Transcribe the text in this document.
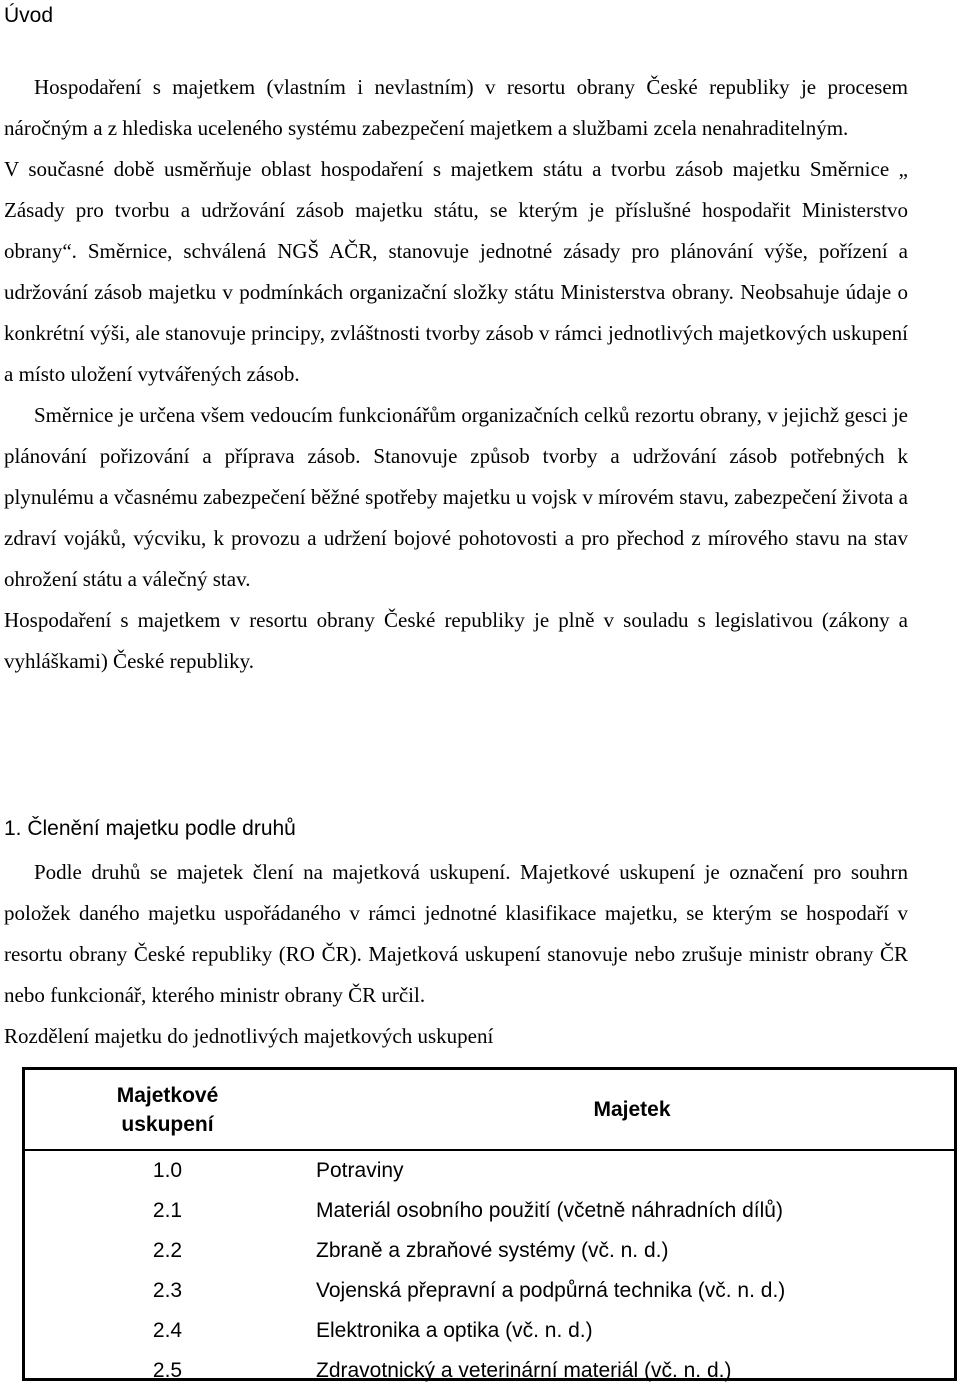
Úvod

Hospodaření s majetkem (vlastním i nevlastním) v resortu obrany České republiky je procesem náročným a z hlediska uceleného systému zabezpečení majetkem a službami zcela nenahraditelným.

V současné době usměrňuje oblast hospodaření s majetkem státu a tvorbu zásob majetku Směrnice „ Zásady pro tvorbu a udržování zásob majetku státu, se kterým je příslušné hospodařit Ministerstvo obrany“. Směrnice, schválená NGŠ AČR, stanovuje jednotné zásady pro plánování výše, pořízení a udržování zásob majetku v podmínkách organizační složky státu Ministerstva obrany. Neobsahuje údaje o konkrétní výši, ale stanovuje principy, zvláštnosti tvorby zásob v rámci jednotlivých majetkových uskupení a místo uložení vytvářených zásob.

Směrnice je určena všem vedoucím funkcionářům organizačních celků rezortu obrany, v jejichž gesci je plánování pořizování a příprava zásob. Stanovuje způsob tvorby a udržování zásob potřebných k plynulému a včasnému zabezpečení běžné spotřeby majetku u vojsk v mírovém stavu, zabezpečení života a zdraví vojáků, výcviku, k provozu a udržení bojové pohotovosti a pro přechod z mírového stavu na stav ohrožení státu a válečný stav.

Hospodaření s majetkem v resortu obrany České republiky je plně v souladu s legislativou (zákony a vyhláškami) České republiky.

1. Členění majetku podle druhů

Podle druhů se majetek člení na majetková uskupení. Majetkové uskupení je označení pro souhrn položek daného majetku uspořádaného v rámci jednotné klasifikace majetku, se kterým se hospodaří v resortu obrany České republiky (RO ČR). Majetková uskupení stanovuje nebo zrušuje ministr obrany ČR nebo funkcionář, kterého ministr obrany ČR určil.

Rozdělení majetku do jednotlivých majetkových uskupení

Majetkové
uskupení	Majetek
1.0	Potraviny
2.1	Materiál osobního použití (včetně náhradních dílů)
2.2	Zbraně a zbraňové systémy (vč. n. d.)
2.3	Vojenská přepravní a podpůrná technika (vč. n. d.)
2.4	Elektronika a optika (vč. n. d.)
2.5	Zdravotnický a veterinární materiál (vč. n. d.)
